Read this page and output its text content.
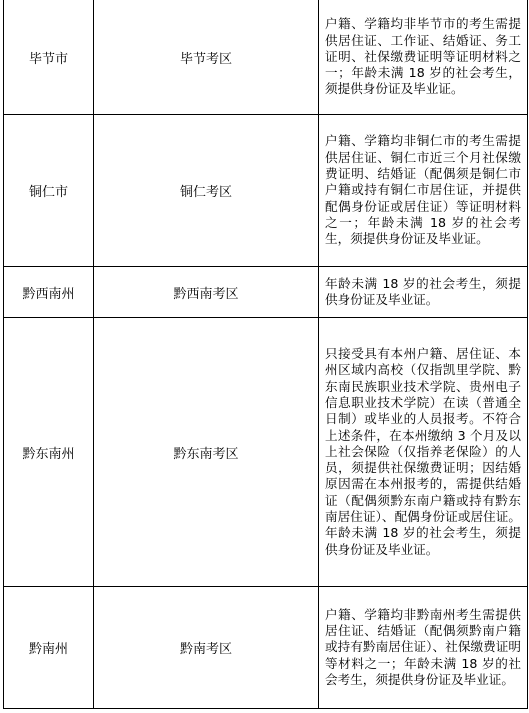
毕节市	毕节考区	户籍、学籍均非毕节市的考生需提供居住证、工作证、结婚证、务工证明、社保缴费证明等证明材料之一；年龄未满 18 岁的社会考生，须提供身份证及毕业证。
铜仁市	铜仁考区	户籍、学籍均非铜仁市的考生需提供居住证、铜仁市近三个月社保缴费证明、结婚证（配偶须是铜仁市户籍或持有铜仁市居住证，并提供配偶身份证或居住证）等证明材料之一；年龄未满 18 岁的社会考生，须提供身份证及毕业证。
黔西南州	黔西南考区	年龄未满 18 岁的社会考生，须提供身份证及毕业证。
黔东南州	黔东南考区	只接受具有本州户籍、居住证、本州区域内高校（仅指凯里学院、黔东南民族职业技术学院、贵州电子信息职业技术学院）在读（普通全日制）或毕业的人员报考。不符合上述条件，在本州缴纳 3 个月及以上社会保险（仅指养老保险）的人员，须提供社保缴费证明；因结婚原因需在本州报考的，需提供结婚证（配偶须黔东南户籍或持有黔东南居住证）、配偶身份证或居住证。年龄未满 18 岁的社会考生，须提供身份证及毕业证。
黔南州	黔南考区	户籍、学籍均非黔南州考生需提供居住证、结婚证（配偶须黔南户籍或持有黔南居住证）、社保缴费证明等材料之一；年龄未满 18 岁的社会考生，须提供身份证及毕业证。
